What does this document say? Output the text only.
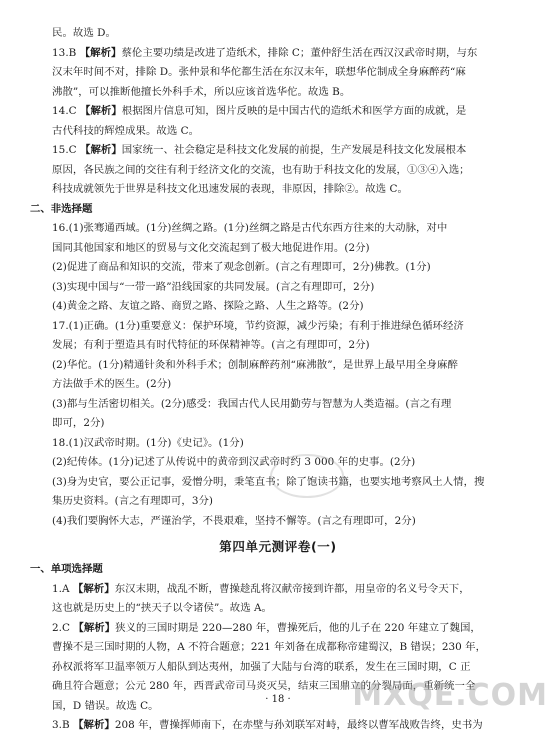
民。故选 D。
13.B 【解析】蔡伦主要功绩是改进了造纸术，排除 C；董仲舒生活在西汉汉武帝时期，与东
汉末年时间不对，排除 D。张仲景和华佗都生活在东汉末年，联想华佗制成全身麻醉药“麻
沸散”，可以推断他擅长外科手术，所以应该首选华佗。故选 B。
14.C 【解析】根据图片信息可知，图片反映的是中国古代的造纸术和医学方面的成就，是
古代科技的辉煌成果。故选 C。
15.C 【解析】国家统一、社会稳定是科技文化发展的前提，生产发展是科技文化发展根本
原因，各民族之间的交往有利于经济文化的交流，也有助于科技文化的发展，①③④入选；
科技成就领先于世界是科技文化迅速发展的表现，非原因，排除②。故选 C。
二、非选择题
16.(1)张骞通西域。(1分)丝绸之路。(1分)丝绸之路是古代东西方往来的大动脉，对中
国同其他国家和地区的贸易与文化交流起到了极大地促进作用。(2分)
(2)促进了商品和知识的交流，带来了观念创新。(言之有理即可，2分)佛教。(1分)
(3)实现中国与“一带一路”沿线国家的共同发展。(言之有理即可，2分)
(4)黄金之路、友谊之路、商贸之路、探险之路、人生之路等。(2分)
17.(1)正确。(1分)重要意义：保护环境，节约资源，减少污染；有利于推进绿色循环经济
发展；有利于塑造具有时代特征的环保精神等。(言之有理即可，2分)
(2)华佗。(1分)精通针灸和外科手术；创制麻醉药剂“麻沸散”，是世界上最早用全身麻醉
方法做手术的医生。(2分)
(3)都与生活密切相关。(2分)感受：我国古代人民用勤劳与智慧为人类造福。(言之有理
即可，2分)
18.(1)汉武帝时期。(1分)《史记》。(1分)
(2)纪传体。(1分)记述了从传说中的黄帝到汉武帝时约 3 000 年的史事。(2分)
(3)身为史官，要公正记事，爱憎分明，秉笔直书；除了饱读书籍，也要实地考察风土人情，搜
集历史资料。(言之有理即可，3分)
(4)我们要胸怀大志，严谨治学，不畏艰难，坚持不懈等。(言之有理即可，2分)
第四单元测评卷(一)
一、单项选择题
1.A 【解析】东汉末期，战乱不断，曹操趁乱将汉献帝接到许都，用皇帝的名义号令天下，
这也就是历史上的“挟天子以令诸侯”。故选 A。
2.C 【解析】狭义的三国时期是 220—280 年，曹操死后，他的儿子在 220 年建立了魏国，
曹操不是三国时期的人物，A 不符合题意；221 年刘备在成都称帝建蜀汉，B 错误；230 年，
孙权派将军卫温率领万人船队到达夷州，加强了大陆与台湾的联系，发生在三国时期，C 正
确且符合题意；公元 280 年，西晋武帝司马炎灭吴，结束三国鼎立的分裂局面，重新统一全
国，D 错误。故选 C。
3.B 【解析】208 年，曹操挥师南下，在赤壁与孙刘联军对峙，最终以曹军战败告终，史书为
· 18 ·	MXQE.COM
